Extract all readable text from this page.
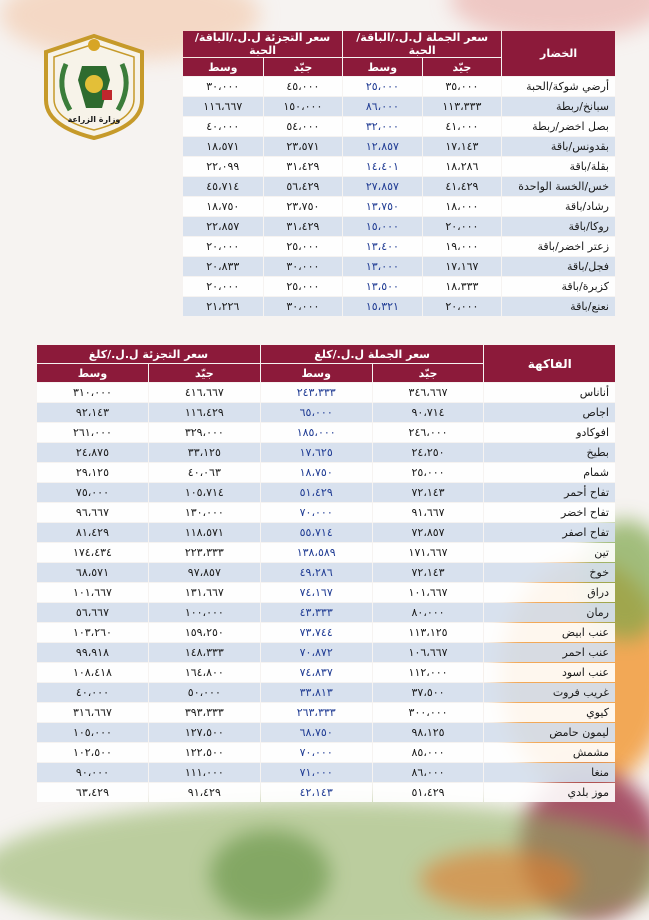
وزارة الزراعة
الخضار	سعر الجملة ل.ل./الباقة/الحبة		سعر التجزئة ل.ل./الباقة/الحبة	
	جيّد	وسط	جيّد	وسط
أرضي شوكة/الحبة	٣٥،٠٠٠	٢٥،٠٠٠	٤٥،٠٠٠	٣٠،٠٠٠
سبانخ/ربطة	١١٣،٣٣٣	٨٦،٠٠٠	١٥٠،٠٠٠	١١٦،٦٦٧
بصل اخضر/ربطة	٤١،٠٠٠	٣٢،٠٠٠	٥٤،٠٠٠	٤٠،٠٠٠
بقدونس/باقة	١٧،١٤٣	١٢،٨٥٧	٢٣،٥٧١	١٨،٥٧١
بقلة/باقة	١٨،٢٨٦	١٤،٤٠١	٣١،٤٢٩	٢٢،٠٩٩
خس/الخسة الواحدة	٤١،٤٢٩	٢٧،٨٥٧	٥٦،٤٢٩	٤٥،٧١٤
رشاد/باقة	١٨،٠٠٠	١٣،٧٥٠	٢٣،٧٥٠	١٨،٧٥٠
روكا/باقة	٢٠،٠٠٠	١٥،٠٠٠	٣١،٤٢٩	٢٢،٨٥٧
زعتر اخضر/باقة	١٩،٠٠٠	١٣،٤٠٠	٢٥،٠٠٠	٢٠،٠٠٠
فجل/باقة	١٧،١٦٧	١٣،٠٠٠	٣٠،٠٠٠	٢٠،٨٣٣
كزبرة/باقة	١٨،٣٣٣	١٣،٥٠٠	٢٥،٠٠٠	٢٠،٠٠٠
نعنع/باقة	٢٠،٠٠٠	١٥،٣٢١	٣٠،٠٠٠	٢١،٢٢٦
الفاكهة	سعر الجملة ل.ل./كلغ		سعر التجزئة ل.ل./كلغ	
	جيّد	وسط	جيّد	وسط
أناناس	٣٤٦،٦٦٧	٢٤٣،٣٣٣	٤١٦،٦٦٧	٣١٠،٠٠٠
اجاص	٩٠،٧١٤	٦٥،٠٠٠	١١٦،٤٢٩	٩٢،١٤٣
افوكادو	٢٤٦،٠٠٠	١٨٥،٠٠٠	٣٢٩،٠٠٠	٢٦١،٠٠٠
بطيخ	٢٤،٢٥٠	١٧،٦٢٥	٣٣،١٢٥	٢٤،٨٧٥
شمام	٢٥،٠٠٠	١٨،٧٥٠	٤٠،٠٦٣	٢٩،١٢٥
تفاح أحمر	٧٢،١٤٣	٥١،٤٢٩	١٠٥،٧١٤	٧٥،٠٠٠
تفاح اخضر	٩١،٦٦٧	٧٠،٠٠٠	١٣٠،٠٠٠	٩٦،٦٦٧
تفاح اصفر	٧٢،٨٥٧	٥٥،٧١٤	١١٨،٥٧١	٨١،٤٢٩
تين	١٧١،٦٦٧	١٣٨،٥٨٩	٢٢٣،٣٣٣	١٧٤،٤٣٤
خوخ	٧٢،١٤٣	٤٩،٢٨٦	٩٧،٨٥٧	٦٨،٥٧١
دراق	١٠١،٦٦٧	٧٤،١٦٧	١٣١،٦٦٧	١٠١،٦٦٧
رمان	٨٠،٠٠٠	٤٣،٣٣٣	١٠٠،٠٠٠	٥٦،٦٦٧
عنب ابيض	١١٣،١٢٥	٧٣،٧٤٤	١٥٩،٢٥٠	١٠٣،٢٦٠
عنب احمر	١٠٦،٦٦٧	٧٠،٨٧٢	١٤٨،٣٣٣	٩٩،٩١٨
عنب اسود	١١٢،٠٠٠	٧٤،٨٣٧	١٦٤،٨٠٠	١٠٨،٤١٨
غريب فروت	٣٧،٥٠٠	٣٣،٨١٣	٥٠،٠٠٠	٤٠،٠٠٠
كيوي	٣٠٠،٠٠٠	٢٦٣،٣٣٣	٣٩٣،٣٣٣	٣١٦،٦٦٧
ليمون حامض	٩٨،١٢٥	٦٨،٧٥٠	١٢٧،٥٠٠	١٠٥،٠٠٠
مشمش	٨٥،٠٠٠	٧٠،٠٠٠	١٢٢،٥٠٠	١٠٢،٥٠٠
منغا	٨٦،٠٠٠	٧١،٠٠٠	١١١،٠٠٠	٩٠،٠٠٠
موز بلدي	٥١،٤٢٩	٤٢،١٤٣	٩١،٤٢٩	٦٣،٤٢٩
